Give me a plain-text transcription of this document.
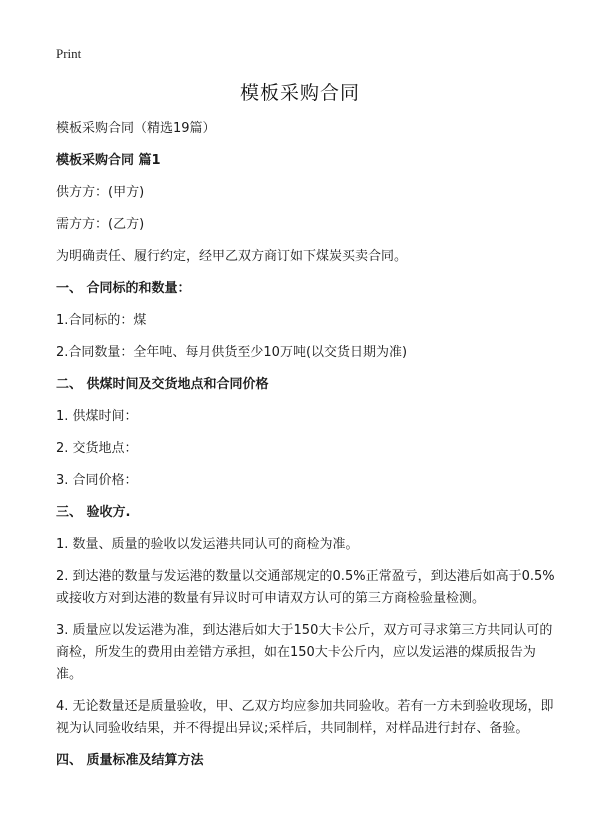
Print
模板采购合同

模板采购合同（精选19篇）

模板采购合同 篇1

供方方：(甲方)

需方方：(乙方)

为明确责任、履行约定，经甲乙双方商订如下煤炭买卖合同。

一、 合同标的和数量：

1.合同标的：煤

2.合同数量：全年吨、每月供货至少10万吨(以交货日期为准)

二、 供煤时间及交货地点和合同价格

1. 供煤时间：

2. 交货地点：

3. 合同价格：

三、 验收方.

1. 数量、质量的验收以发运港共同认可的商检为准。

2. 到达港的数量与发运港的数量以交通部规定的0.5%正常盈亏，到达港后如高于0.5%或接收方对到达港的数量有异议时可申请双方认可的第三方商检验量检测。

3. 质量应以发运港为准，到达港后如大于150大卡公斤，双方可寻求第三方共同认可的商检，所发生的费用由差错方承担，如在150大卡公斤内，应以发运港的煤质报告为准。

4. 无论数量还是质量验收，甲、乙双方均应参加共同验收。若有一方未到验收现场，即视为认同验收结果，并不得提出异议;采样后，共同制样，对样品进行封存、备验。

四、 质量标准及结算方法
